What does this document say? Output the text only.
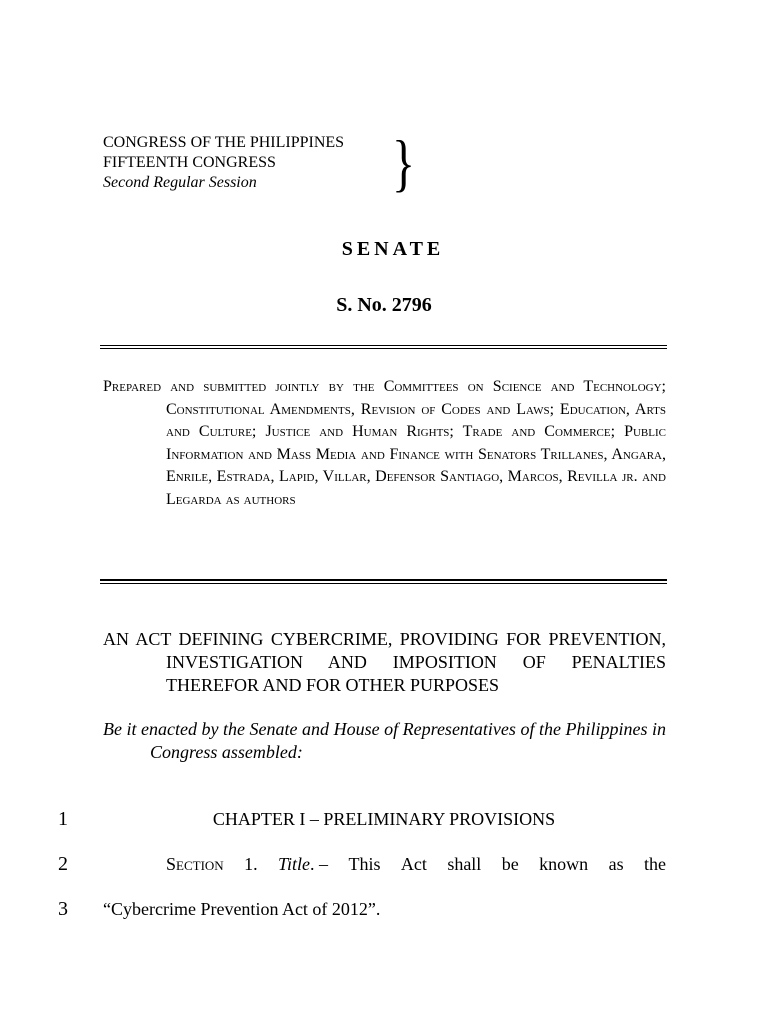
CONGRESS OF THE PHILIPPINES

FIFTEENTH CONGRESS

Second Regular Session	}
SENATE
S. No. 2796
Prepared and submitted jointly by the Committees on Science and Technology; Constitutional Amendments, Revision of Codes and Laws; Education, Arts and Culture; Justice and Human Rights; Trade and Commerce; Public Information and Mass Media and Finance with Senators Trillanes, Angara, Enrile, Estrada, Lapid, Villar, Defensor Santiago, Marcos, Revilla jr. and Legarda as authors
AN ACT DEFINING CYBERCRIME, PROVIDING FOR PREVENTION, INVESTIGATION AND IMPOSITION OF PENALTIES THEREFOR AND FOR OTHER PURPOSES
Be it enacted by the Senate and House of Representatives of the Philippines in Congress assembled:
1	CHAPTER I – PRELIMINARY PROVISIONS
2	Section 1. Title. – This Act shall be known as the
3 “Cybercrime Prevention Act of 2012”.
